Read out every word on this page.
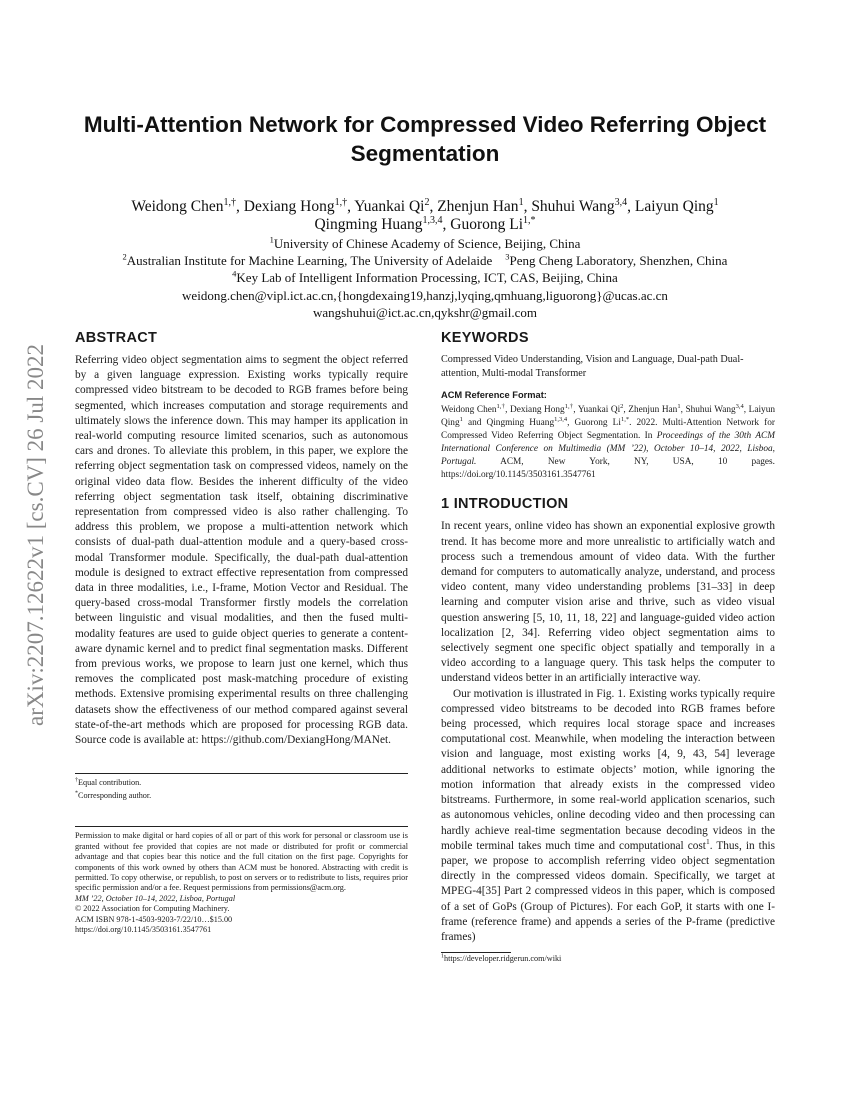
arXiv:2207.12622v1 [cs.CV] 26 Jul 2022
Multi-Attention Network for Compressed Video Referring Object Segmentation
Weidong Chen$^{1,\dagger}$, Dexiang Hong$^{1,\dagger}$, Yuankai Qi$^2$, Zhenjun Han$^1$, Shuhui Wang$^{3,4}$, Laiyun Qing$^1$
Qingming Huang$^{1,3,4}$, Guorong $Li^{1,*}$
$^1$University of Chinese Academy of Science, Beijing, China
$^2$Australian Institute for Machine Learning, The University of Adelaide $^3$Peng Cheng Laboratory, Shenzhen, China
$^4$Key Lab of Intelligent Information Processing, ICT, CAS, Beijing, China
weidong.chen@vipl.ict.ac.cn,{hongdexaing19,hanzj,lyqing,qmhuang,liguorong}@ucas.ac.cn
wangshuhui@ict.ac.cn,qykshr@gmail.com
ABSTRACT

Referring video object segmentation aims to segment the object referred by a given language expression. Existing works typically require compressed video bitstream to be decoded to RGB frames before being segmented, which increases computation and storage requirements and ultimately slows the inference down. This may hamper its application in real-world computing resource limited scenarios, such as autonomous cars and drones. To alleviate this problem, in this paper, we explore the referring object segmentation task on compressed videos, namely on the original video data flow. Besides the inherent difficulty of the video referring object segmentation task itself, obtaining discriminative representation from compressed video is also rather challenging. To address this problem, we propose a multi-attention network which consists of dual-path dual-attention module and a query-based cross-modal Transformer module. Specifically, the dual-path dual-attention module is designed to extract effective representation from compressed data in three modalities, i.e., I-frame, Motion Vector and Residual. The query-based cross-modal Transformer firstly models the correlation between linguistic and visual modalities, and then the fused multi-modality features are used to guide object queries to generate a content-aware dynamic kernel and to predict final segmentation masks. Different from previous works, we propose to learn just one kernel, which thus removes the complicated post mask-matching procedure of existing methods. Extensive promising experimental results on three challenging datasets show the effectiveness of our method compared against several state-of-the-art methods which are proposed for processing RGB data. Source code is available at: https://github.com/DexiangHong/MANet.

†Equal contribution.

*Corresponding author.

Permission to make digital or hard copies of all or part of this work for personal or classroom use is granted without fee provided that copies are not made or distributed for profit or commercial advantage and that copies bear this notice and the full citation on the first page. Copyrights for components of this work owned by others than ACM must be honored. Abstracting with credit is permitted. To copy otherwise, or republish, to post on servers or to redistribute to lists, requires prior specific permission and/or a fee. Request permissions from permissions@acm.org.

MM ’22, October 10–14, 2022, Lisboa, Portugal

© 2022 Association for Computing Machinery.

ACM ISBN 978-1-4503-9203-7/22/10…$15.00

https://doi.org/10.1145/3503161.3547761

KEYWORDS

Compressed Video Understanding, Vision and Language, Dual-path Dual-attention, Multi-modal Transformer

ACM Reference Format:

Weidong Chen$^{1,\dagger}$, Dexiang Hong$^{1,\dagger}$, Yuankai Qi$^2$, Zhenjun Han$^1$, Shuhui Wang$^{3,4}$, Laiyun Qing$^1$ and Qingming Huang$^{1,3,4}$, Guorong $Li^{1,*}$. 2022. Multi-Attention Network for Compressed Video Referring Object Segmentation. In Proceedings of the 30th ACM International Conference on Multimedia (MM ’22), October 10–14, 2022, Lisboa, Portugal. ACM, New York, NY, USA, 10 pages. https://doi.org/10.1145/3503161.3547761

1 INTRODUCTION

In recent years, online video has shown an exponential explosive growth trend. It has become more and more unrealistic to artificially watch and process such a tremendous amount of video data. With the further demand for computers to automatically analyze, understand, and process video content, many video understanding problems [31–33] in deep learning and computer vision arise and thrive, such as video visual question answering [5, 10, 11, 18, 22] and language-guided video action localization [2, 34]. Referring video object segmentation aims to selectively segment one specific object spatially and temporally in a video according to a language query. This task helps the computer to understand videos better in an artificially interactive way.

Our motivation is illustrated in Fig. 1. Existing works typically require compressed video bitstreams to be decoded into RGB frames before being processed, which requires local storage space and increases computational cost. Meanwhile, when modeling the interaction between vision and language, most existing works [4, 9, 43, 54] leverage additional networks to estimate objects’ motion, while ignoring the motion information that already exists in the compressed video bitstreams. Furthermore, in some real-world application scenarios, such as autonomous vehicles, online decoding video and then processing can hardly achieve real-time segmentation because decoding videos in the mobile terminal takes much time and computational cost$^1$. Thus, in this paper, we propose to accomplish referring video object segmentation directly in the compressed videos domain. Specifically, we target at MPEG-4[35] Part 2 compressed videos in this paper, which is composed of a set of GoPs (Group of Pictures). For each GoP, it starts with one I-frame (reference frame) and appends a series of the P-frame (predictive frames)

$^1$https://developer.ridgerun.com/wiki
